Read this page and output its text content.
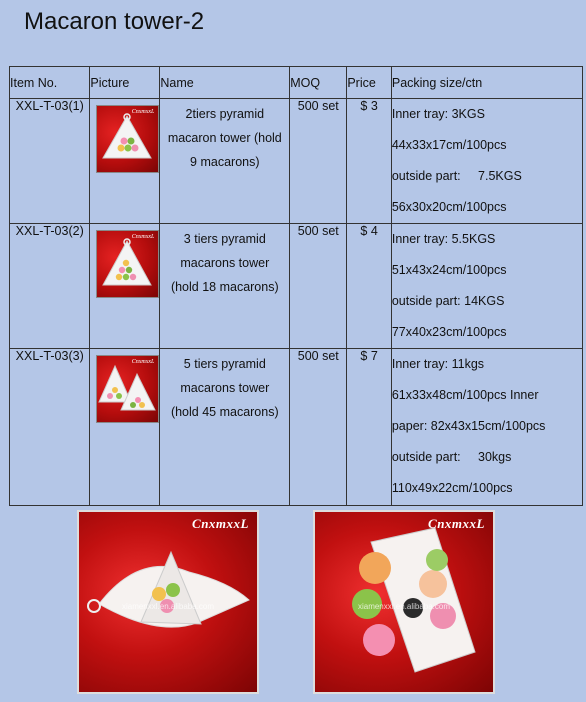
Macaron tower-2
Item No.	Picture	Name	MOQ	Price	Packing size/ctn
XXL-T-03(1)	CnxmxxL	2tiers pyramid
macaron tower (hold
9 macarons)	500 set	$ 3	Inner tray: 3KGS
44x33x17cm/100pcs
outside part:     7.5KGS
56x30x20cm/100pcs

XXL-T-03(2)	CnxmxxL	3 tiers pyramid
macarons tower
(hold 18 macarons)	500 set	$ 4	Inner tray: 5.5KGS
51x43x24cm/100pcs
outside part: 14KGS
77x40x23cm/100pcs

XXL-T-03(3)	CnxmxxL	5 tiers pyramid
macarons tower
(hold 45 macarons)	500 set	$ 7	Inner tray: 11kgs
61x33x48cm/100pcs Inner
paper: 82x43x15cm/100pcs
outside part:     30kgs
110x49x22cm/100pcs
CnxmxxL
xiamenxxl.en.alibaba.com
CnxmxxL
xiamenxxl.en.alibaba.com
